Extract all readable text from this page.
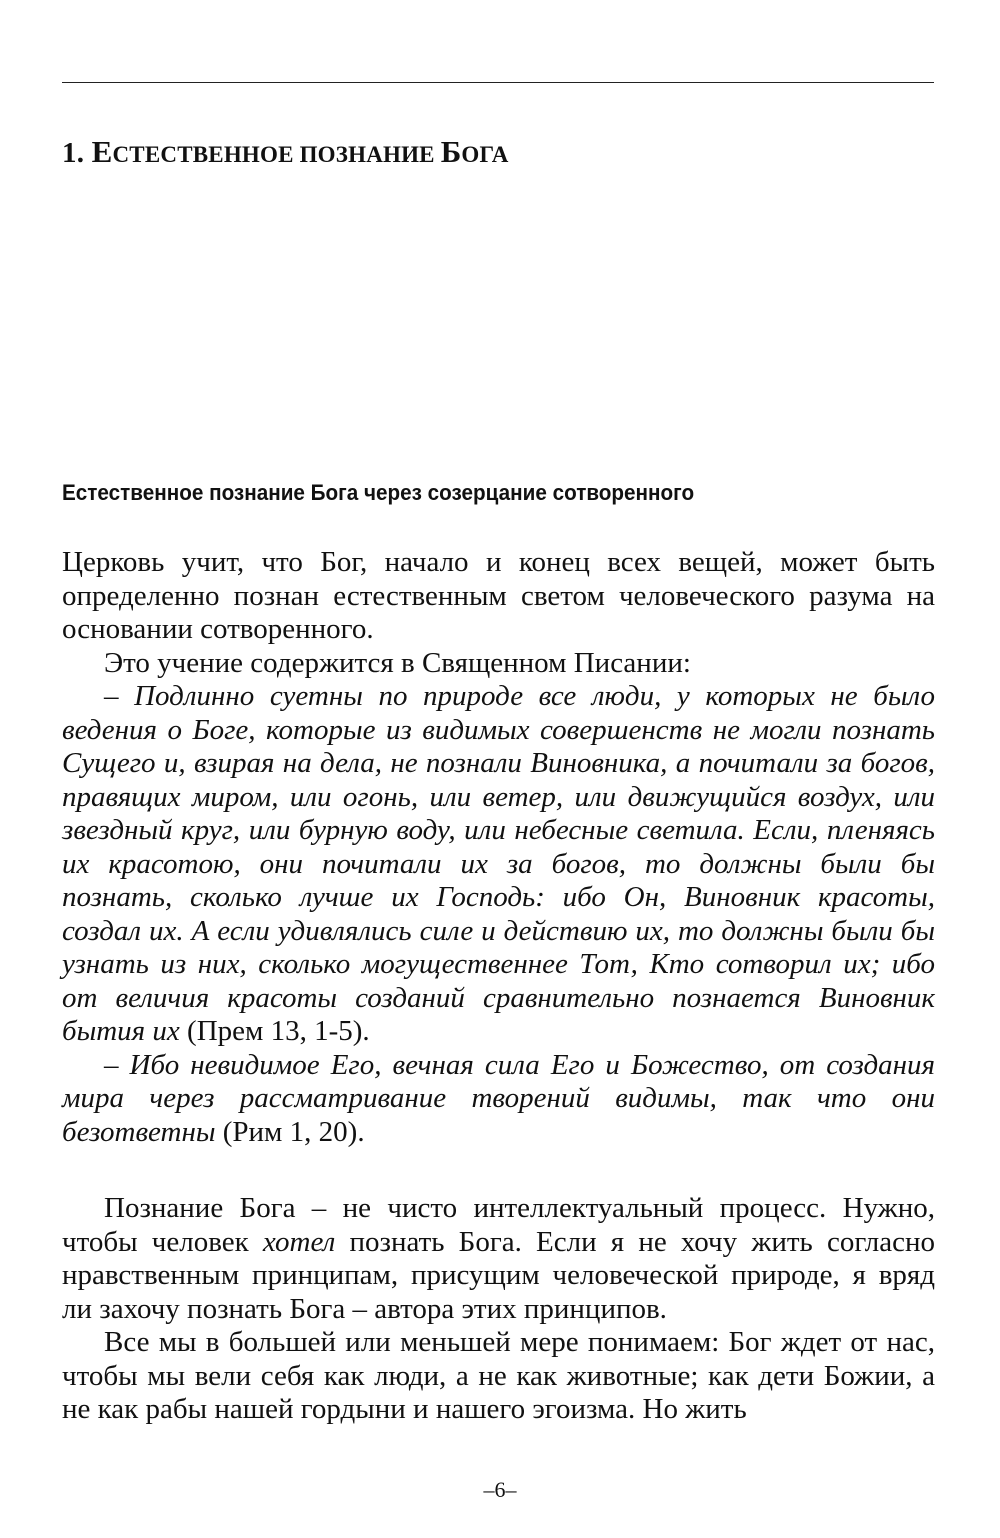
1. ЕСТЕСТВЕННОЕ ПОЗНАНИЕ БОГА
Естественное познание Бога через созерцание сотворенного

Церковь учит, что Бог, начало и конец всех вещей, может быть определенно познан естественным светом человеческого разума на основании сотворенного.

Это учение содержится в Священном Писании:

– Подлинно суетны по природе все люди, у которых не было ведения о Боге, которые из видимых совершенств не могли познать Сущего и, взирая на дела, не познали Виновника, а почитали за богов, правящих миром, или огонь, или ветер, или движущийся воздух, или звездный круг, или бурную воду, или небесные светила. Если, пленяясь их красотою, они почитали их за богов, то должны были бы познать, сколько лучше их Господь: ибо Он, Виновник красоты, создал их. А если удивлялись силе и действию их, то должны были бы узнать из них, сколько могущественнее Тот, Кто сотворил их; ибо от величия красоты созданий сравнительно познается Виновник бытия их (Прем 13, 1-5).

– Ибо невидимое Его, вечная сила Его и Божество, от создания мира через рассматривание творений видимы, так что они безответны (Рим 1, 20).

Познание Бога – не чисто интеллектуальный процесс. Нужно, чтобы человек хотел познать Бога. Если я не хочу жить согласно нравственным принципам, присущим человеческой природе, я вряд ли захочу познать Бога – автора этих принципов.

Все мы в большей или меньшей мере понимаем: Бог ждет от нас, чтобы мы вели себя как люди, а не как животные; как дети Божии, а не как рабы нашей гордыни и нашего эгоизма. Но жить

–6–
